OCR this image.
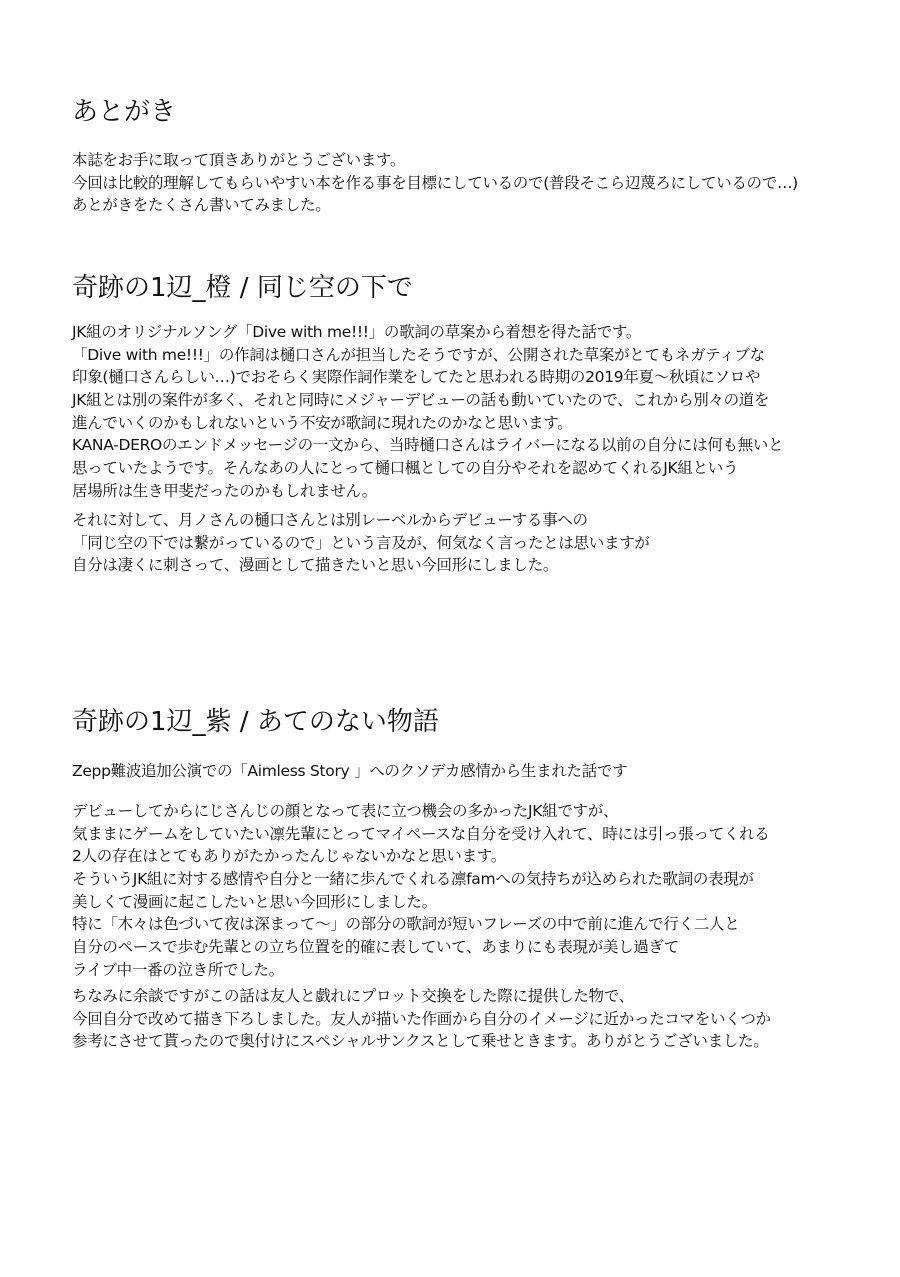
あとがき
本誌をお手に取って頂きありがとうございます。
今回は比較的理解してもらいやすい本を作る事を目標にしているので(普段そこら辺蔑ろにしているので…)
あとがきをたくさん書いてみました。
奇跡の1辺_橙 / 同じ空の下で
JK組のオリジナルソング「Dive with me!!!」の歌詞の草案から着想を得た話です。
「Dive with me!!!」の作詞は樋口さんが担当したそうですが、公開された草案がとてもネガティブな
印象(樋口さんらしい…)でおそらく実際作詞作業をしてたと思われる時期の2019年夏～秋頃にソロや
JK組とは別の案件が多く、それと同時にメジャーデビューの話も動いていたので、これから別々の道を
進んでいくのかもしれないという不安が歌詞に現れたのかなと思います。
KANA-DEROのエンドメッセージの一文から、当時樋口さんはライバーになる以前の自分には何も無いと
思っていたようです。そんなあの人にとって樋口楓としての自分やそれを認めてくれるJK組という
居場所は生き甲斐だったのかもしれません。
それに対して、月ノさんの樋口さんとは別レーベルからデビューする事への
「同じ空の下では繋がっているので」という言及が、何気なく言ったとは思いますが
自分は凄くに刺さって、漫画として描きたいと思い今回形にしました。
奇跡の1辺_紫 / あてのない物語
Zepp難波追加公演での「Aimless Story 」へのクソデカ感情から生まれた話です
デビューしてからにじさんじの顔となって表に立つ機会の多かったJK組ですが、
気ままにゲームをしていたい凛先輩にとってマイペースな自分を受け入れて、時には引っ張ってくれる
2人の存在はとてもありがたかったんじゃないかなと思います。
そういうJK組に対する感情や自分と一緒に歩んでくれる凛famへの気持ちが込められた歌詞の表現が
美しくて漫画に起こしたいと思い今回形にしました。
特に「木々は色づいて夜は深まって～」の部分の歌詞が短いフレーズの中で前に進んで行く二人と
自分のペースで歩む先輩との立ち位置を的確に表していて、あまりにも表現が美し過ぎて
ライブ中一番の泣き所でした。
ちなみに余談ですがこの話は友人と戯れにプロット交換をした際に提供した物で、
今回自分で改めて描き下ろしました。友人が描いた作画から自分のイメージに近かったコマをいくつか
参考にさせて貰ったので奥付けにスペシャルサンクスとして乗せときます。ありがとうございました。
